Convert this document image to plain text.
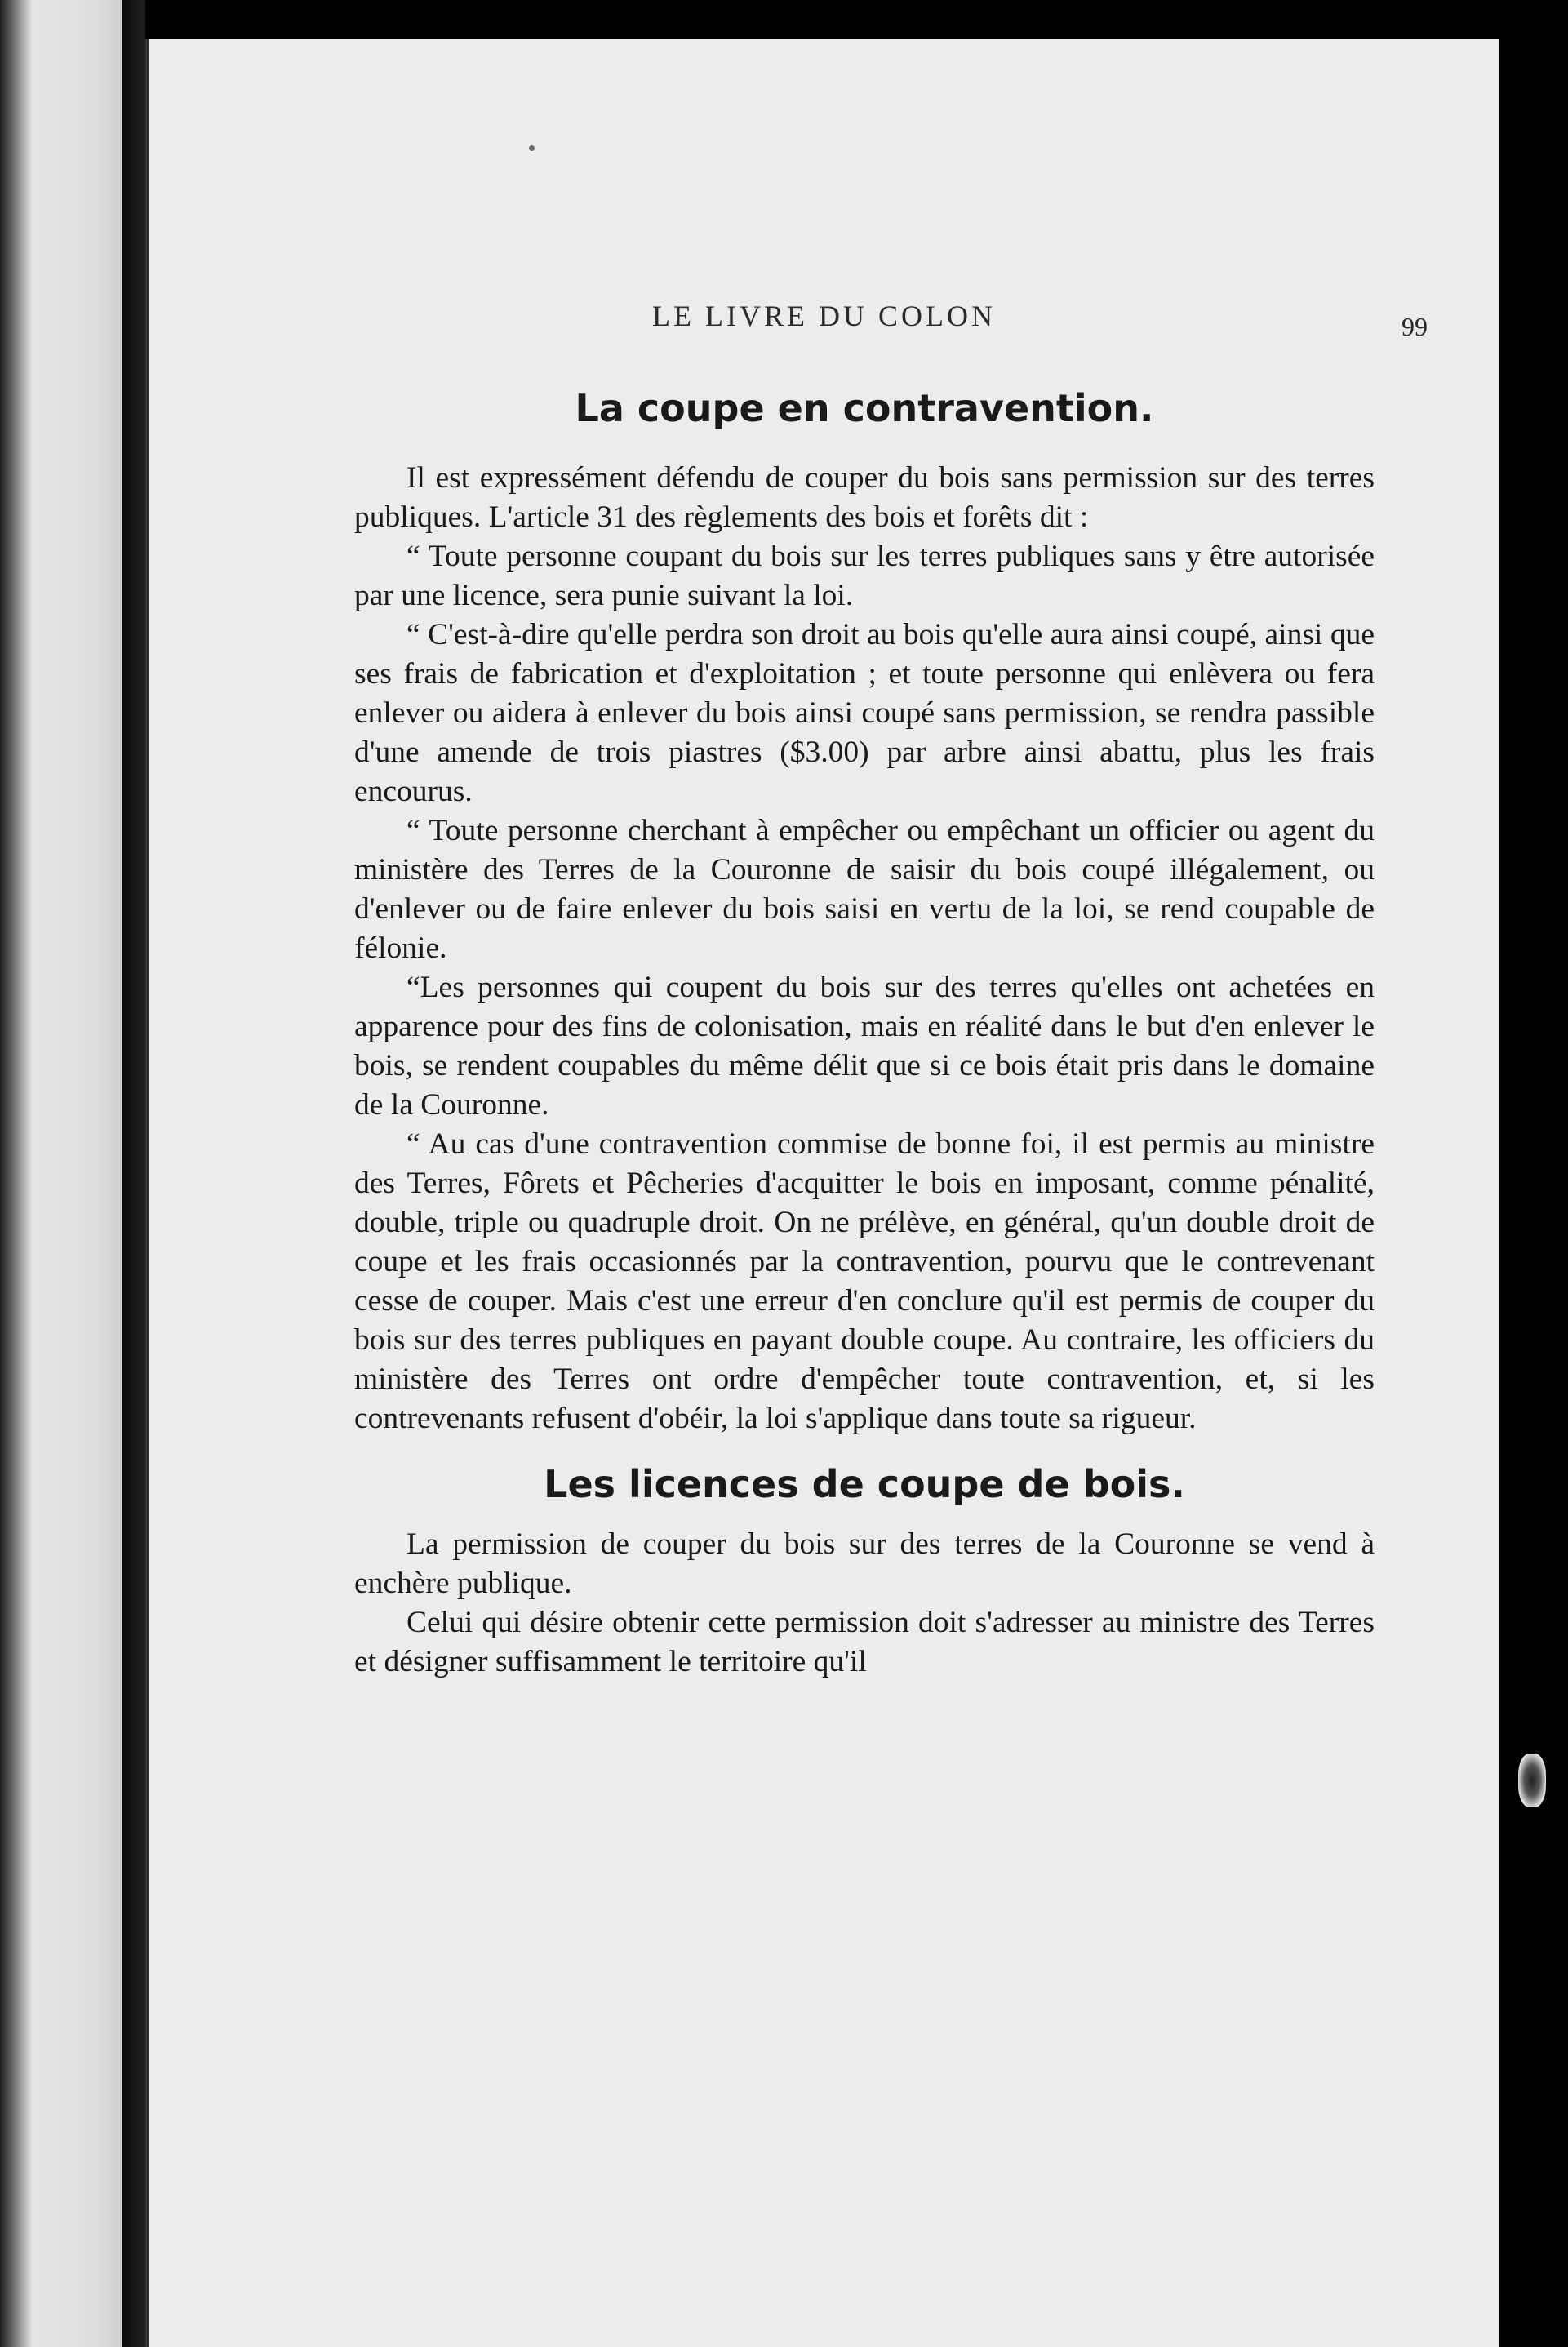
LE LIVRE DU COLON	99
La coupe en contravention.

Il est expressément défendu de couper du bois sans permission sur des terres publiques. L'article 31 des règlements des bois et forêts dit :

“ Toute personne coupant du bois sur les terres publiques sans y être autorisée par une licence, sera punie suivant la loi.

“ C'est-à-dire qu'elle perdra son droit au bois qu'elle aura ainsi coupé, ainsi que ses frais de fabrication et d'exploitation ; et toute personne qui enlèvera ou fera enlever ou aidera à enlever du bois ainsi coupé sans permission, se rendra passible d'une amende de trois piastres ($3.00) par arbre ainsi abattu, plus les frais encourus.

“ Toute personne cherchant à empêcher ou empêchant un officier ou agent du ministère des Terres de la Couronne de saisir du bois coupé illégalement, ou d'enlever ou de faire enlever du bois saisi en vertu de la loi, se rend coupable de félonie.

“Les personnes qui coupent du bois sur des terres qu'elles ont achetées en apparence pour des fins de colonisation, mais en réalité dans le but d'en enlever le bois, se rendent coupables du même délit que si ce bois était pris dans le domaine de la Couronne.

“ Au cas d'une contravention commise de bonne foi, il est permis au ministre des Terres, Fôrets et Pêcheries d'acquitter le bois en imposant, comme pénalité, double, triple ou quadruple droit. On ne prélève, en général, qu'un double droit de coupe et les frais occasionnés par la contravention, pourvu que le contrevenant cesse de couper. Mais c'est une erreur d'en conclure qu'il est permis de couper du bois sur des terres publiques en payant double coupe. Au contraire, les officiers du ministère des Terres ont ordre d'empêcher toute contravention, et, si les contrevenants refusent d'obéir, la loi s'applique dans toute sa rigueur.

Les licences de coupe de bois.

La permission de couper du bois sur des terres de la Couronne se vend à enchère publique.

Celui qui désire obtenir cette permission doit s'adresser au ministre des Terres et désigner suffisamment le territoire qu'il
